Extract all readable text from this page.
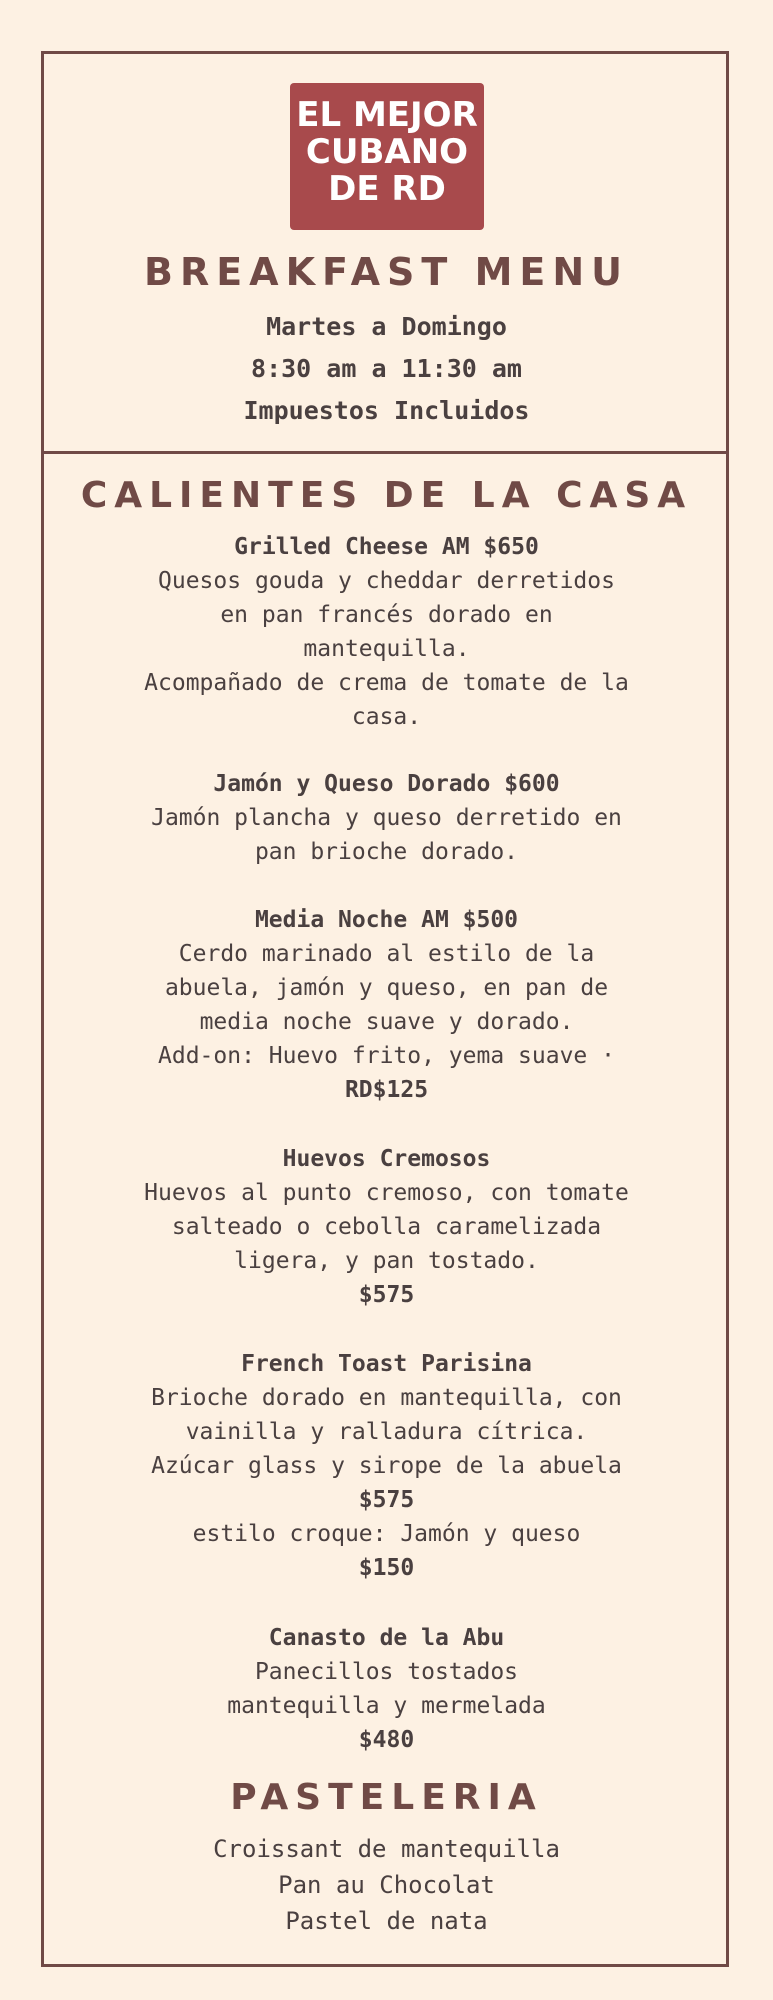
EL MEJOR
CUBANO
DE RD
BREAKFAST MENU
Martes a Domingo
8:30 am a 11:30 am
Impuestos Incluidos
CALIENTES DE LA CASA
Grilled Cheese AM $650
Quesos gouda y cheddar derretidos
en pan francés dorado en
mantequilla.
Acompañado de crema de tomate de la
casa.
Jamón y Queso Dorado $600
Jamón plancha y queso derretido en
pan brioche dorado.
Media Noche AM $500
Cerdo marinado al estilo de la
abuela, jamón y queso, en pan de
media noche suave y dorado.
Add-on: Huevo frito, yema suave ·
RD$125
Huevos Cremosos
Huevos al punto cremoso, con tomate
salteado o cebolla caramelizada
ligera, y pan tostado.
$575
French Toast Parisina
Brioche dorado en mantequilla, con
vainilla y ralladura cítrica.
Azúcar glass y sirope de la abuela
$575
estilo croque: Jamón y queso
$150
Canasto de la Abu
Panecillos tostados
mantequilla y mermelada
$480
PASTELERIA
Croissant de mantequilla
Pan au Chocolat
Pastel de nata
